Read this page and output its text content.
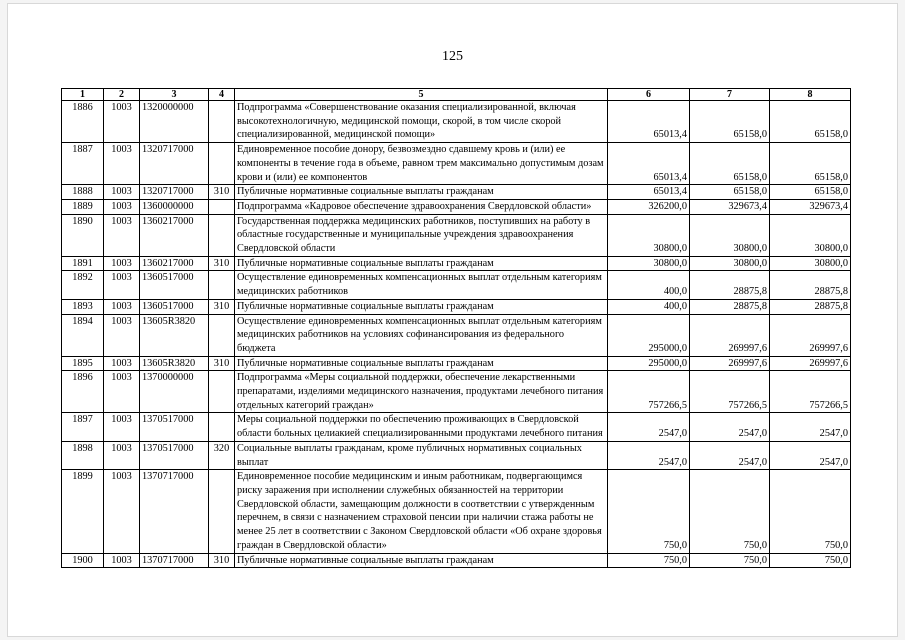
125
1	2	3	4	5	6	7	8
1886	1003	1320000000		Подпрограмма «Совершенствование оказания специализированной, включая высокотехнологичную, медицинской помощи, скорой, в том числе скорой специализированной, медицинской помощи»	65013,4	65158,0	65158,0
1887	1003	1320717000		Единовременное пособие донору, безвозмездно сдавшему кровь и (или) ее компоненты в течение года в объеме, равном трем максимально допустимым дозам крови и (или) ее компонентов	65013,4	65158,0	65158,0
1888	1003	1320717000	310	Публичные нормативные социальные выплаты гражданам	65013,4	65158,0	65158,0
1889	1003	1360000000		Подпрограмма «Кадровое обеспечение здравоохранения Свердловской области»	326200,0	329673,4	329673,4
1890	1003	1360217000		Государственная поддержка медицинских работников, поступивших на работу в областные государственные и муниципальные учреждения здравоохранения Свердловской области	30800,0	30800,0	30800,0
1891	1003	1360217000	310	Публичные нормативные социальные выплаты гражданам	30800,0	30800,0	30800,0
1892	1003	1360517000		Осуществление единовременных компенсационных выплат отдельным категориям медицинских работников	400,0	28875,8	28875,8
1893	1003	1360517000	310	Публичные нормативные социальные выплаты гражданам	400,0	28875,8	28875,8
1894	1003	13605R3820		Осуществление единовременных компенсационных выплат отдельным категориям медицинских работников на условиях софинансирования из федерального бюджета	295000,0	269997,6	269997,6
1895	1003	13605R3820	310	Публичные нормативные социальные выплаты гражданам	295000,0	269997,6	269997,6
1896	1003	1370000000		Подпрограмма «Меры социальной поддержки, обеспечение лекарственными препаратами, изделиями медицинского назначения, продуктами лечебного питания отдельных категорий граждан»	757266,5	757266,5	757266,5
1897	1003	1370517000		Меры социальной поддержки по обеспечению проживающих в Свердловской области больных целиакией специализированными продуктами лечебного питания	2547,0	2547,0	2547,0
1898	1003	1370517000	320	Социальные выплаты гражданам, кроме публичных нормативных социальных выплат	2547,0	2547,0	2547,0
1899	1003	1370717000		Единовременное пособие медицинским и иным работникам, подвергающимся риску заражения при исполнении служебных обязанностей на территории Свердловской области, замещающим должности в соответствии с утвержденным перечнем, в связи с назначением страховой пенсии при наличии стажа работы не менее 25 лет в соответствии с Законом Свердловской области «Об охране здоровья граждан в Свердловской области»	750,0	750,0	750,0
1900	1003	1370717000	310	Публичные нормативные социальные выплаты гражданам	750,0	750,0	750,0
